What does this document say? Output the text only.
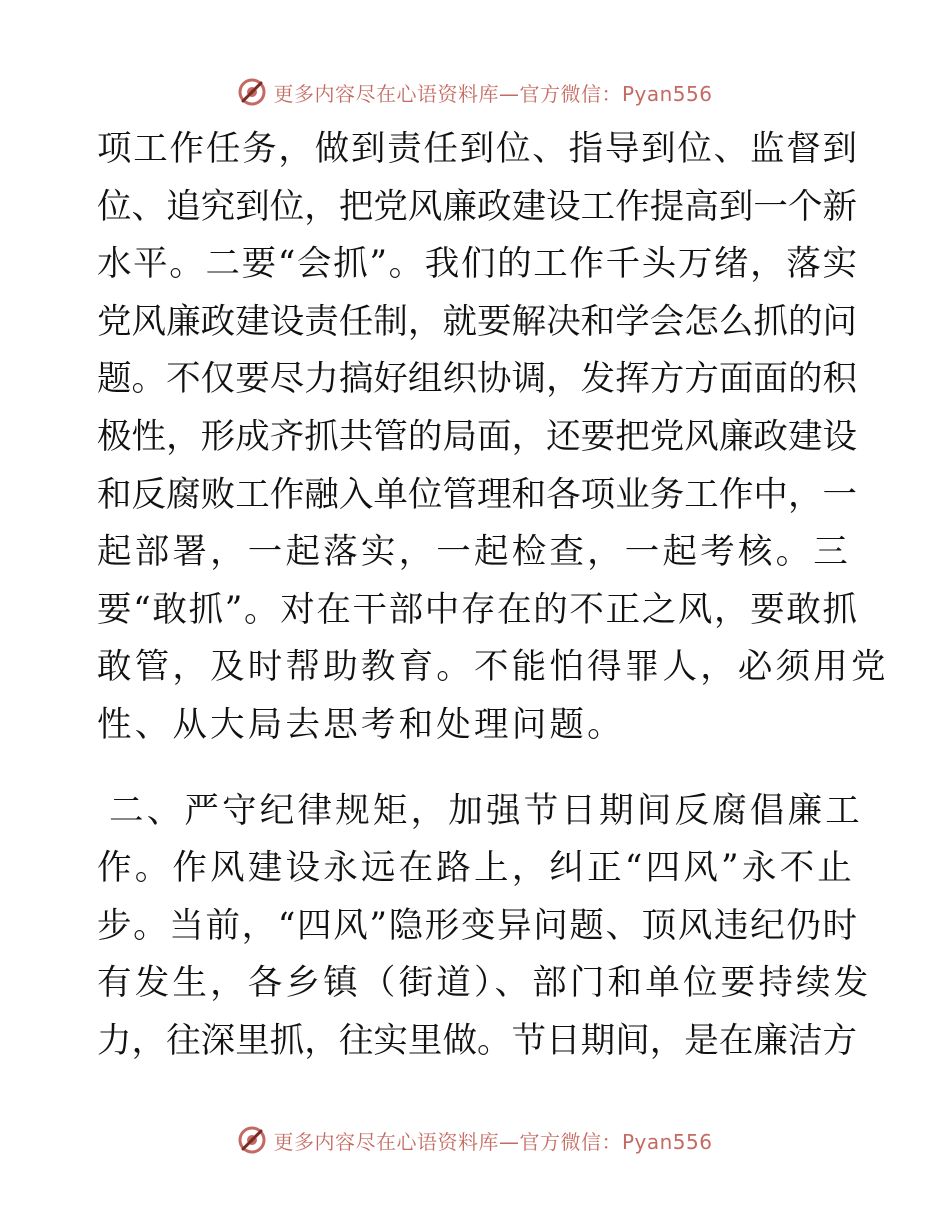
更多内容尽在心语资料库—官方微信：Pyan556
项工作任务，做到责任到位、指导到位、监督到
位、追究到位，把党风廉政建设工作提高到一个新
水平。二要“会抓”。我们的工作千头万绪，落实
党风廉政建设责任制，就要解决和学会怎么抓的问
题。不仅要尽力搞好组织协调，发挥方方面面的积
极性，形成齐抓共管的局面，还要把党风廉政建设
和反腐败工作融入单位管理和各项业务工作中，一
起部署，一起落实，一起检查，一起考核。三
要“敢抓”。对在干部中存在的不正之风，要敢抓
敢管，及时帮助教育。不能怕得罪人，必须用党
性、从大局去思考和处理问题。
二、严守纪律规矩，加强节日期间反腐倡廉工
作。作风建设永远在路上，纠正“四风”永不止
步。当前，“四风”隐形变异问题、顶风违纪仍时
有发生，各乡镇（街道）、部门和单位要持续发
力，往深里抓，往实里做。节日期间，是在廉洁方
更多内容尽在心语资料库—官方微信：Pyan556
